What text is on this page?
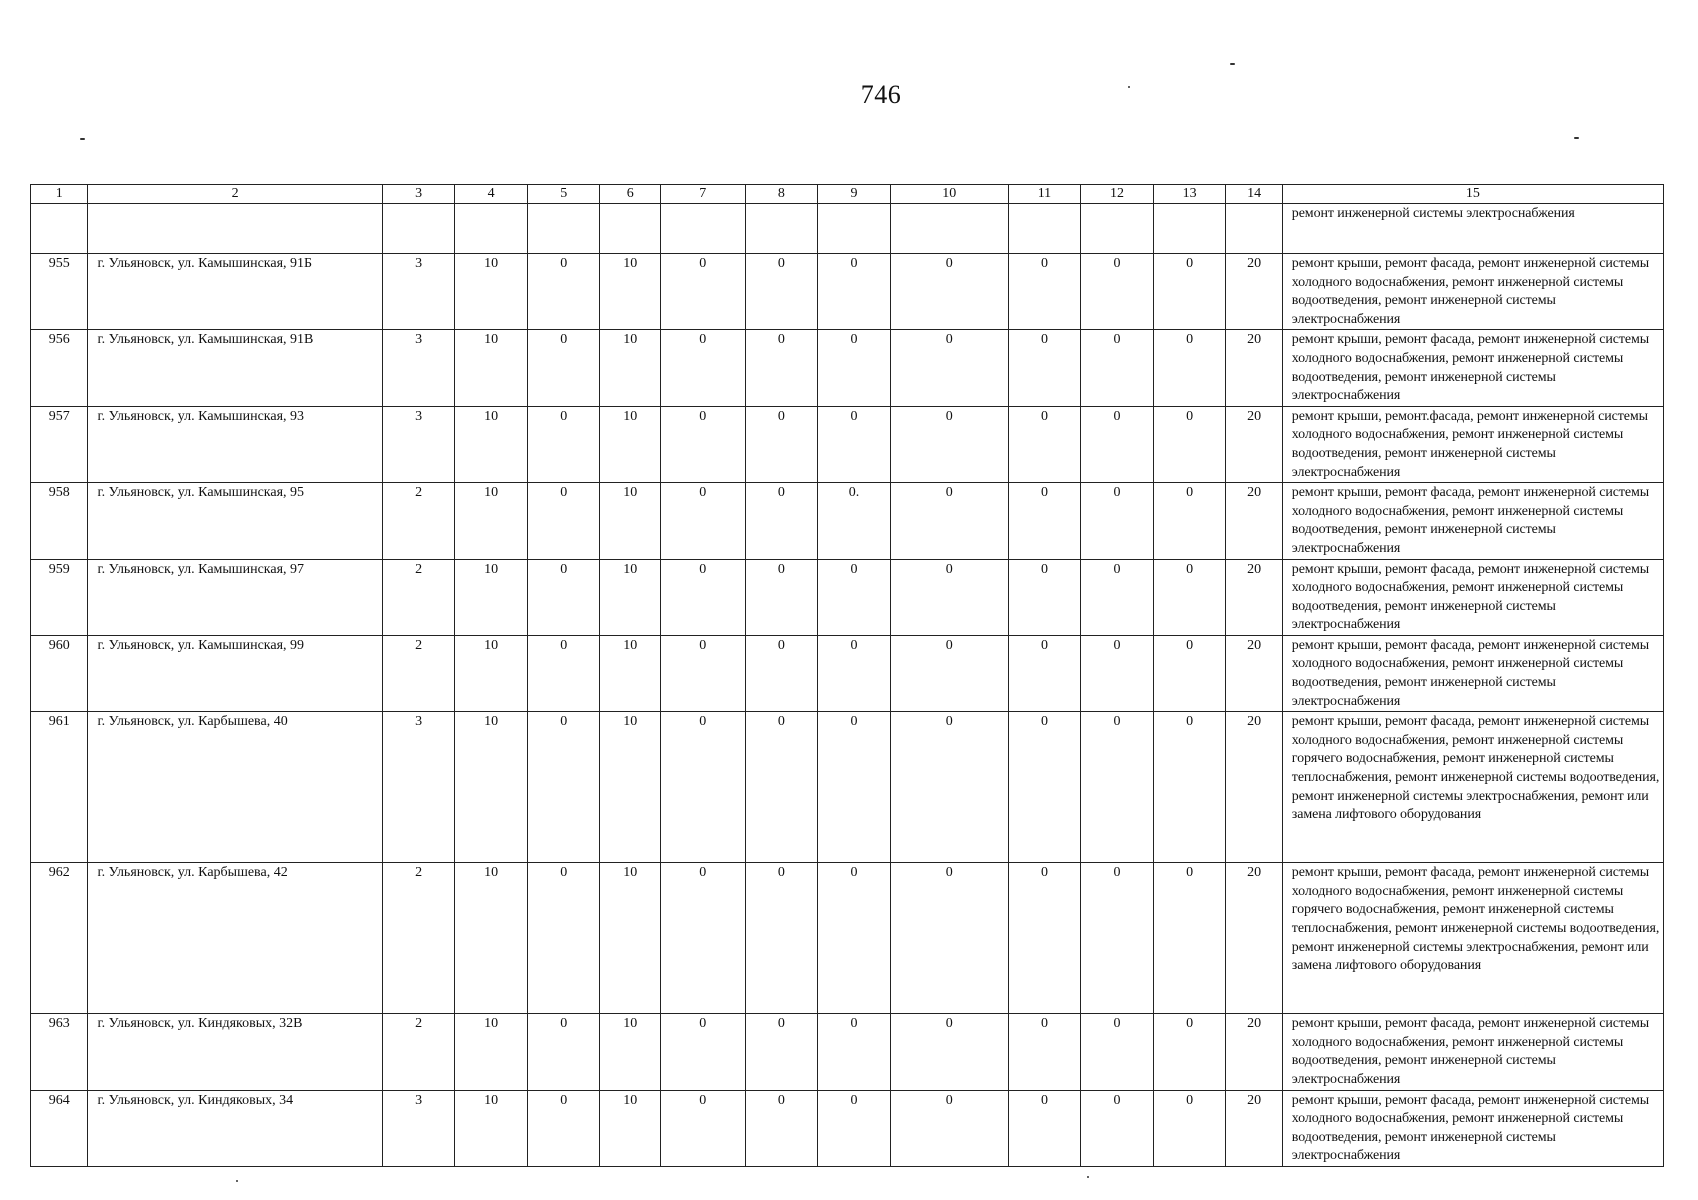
746
1	2	3	4	5	6	7	8	9	10	11	12	13	14	15
														ремонт инженерной системы электроснабжения
955	г. Ульяновск, ул. Камышинская, 91Б	3	10	0	10	0	0	0	0	0	0	0	20	ремонт крыши, ремонт фасада, ремонт инженерной системы холодного водоснабжения, ремонт инженерной системы водоотведения, ремонт инженерной системы электроснабжения
956	г. Ульяновск, ул. Камышинская, 91В	3	10	0	10	0	0	0	0	0	0	0	20	ремонт крыши, ремонт фасада, ремонт инженерной системы холодного водоснабжения, ремонт инженерной системы водоотведения, ремонт инженерной системы электроснабжения
957	г. Ульяновск, ул. Камышинская, 93	3	10	0	10	0	0	0	0	0	0	0	20	ремонт крыши, ремонт.фасада, ремонт инженерной системы холодного водоснабжения, ремонт инженерной системы водоотведения, ремонт инженерной системы электроснабжения
958	г. Ульяновск, ул. Камышинская, 95	2	10	0	10	0	0	0.	0	0	0	0	20	ремонт крыши, ремонт фасада, ремонт инженерной системы холодного водоснабжения, ремонт инженерной системы водоотведения, ремонт инженерной системы электроснабжения
959	г. Ульяновск, ул. Камышинская, 97	2	10	0	10	0	0	0	0	0	0	0	20	ремонт крыши, ремонт фасада, ремонт инженерной системы холодного водоснабжения, ремонт инженерной системы водоотведения, ремонт инженерной системы электроснабжения
960	г. Ульяновск, ул. Камышинская, 99	2	10	0	10	0	0	0	0	0	0	0	20	ремонт крыши, ремонт фасада, ремонт инженерной системы холодного водоснабжения, ремонт инженерной системы водоотведения, ремонт инженерной системы электроснабжения
961	г. Ульяновск, ул. Карбышева, 40	3	10	0	10	0	0	0	0	0	0	0	20	ремонт крыши, ремонт фасада, ремонт инженерной системы холодного водоснабжения, ремонт инженерной системы горячего водоснабжения, ремонт инженерной системы теплоснабжения, ремонт инженерной системы водоотведения, ремонт инженерной системы электроснабжения, ремонт или замена лифтового оборудования
962	г. Ульяновск, ул. Карбышева, 42	2	10	0	10	0	0	0	0	0	0	0	20	ремонт крыши, ремонт фасада, ремонт инженерной системы холодного водоснабжения, ремонт инженерной системы горячего водоснабжения, ремонт инженерной системы теплоснабжения, ремонт инженерной системы водоотведения, ремонт инженерной системы электроснабжения, ремонт или замена лифтового оборудования
963	г. Ульяновск, ул. Киндяковых, 32В	2	10	0	10	0	0	0	0	0	0	0	20	ремонт крыши, ремонт фасада, ремонт инженерной системы холодного водоснабжения, ремонт инженерной системы водоотведения, ремонт инженерной системы электроснабжения
964	г. Ульяновск, ул. Киндяковых, 34	3	10	0	10	0	0	0	0	0	0	0	20	ремонт крыши, ремонт фасада, ремонт инженерной системы холодного водоснабжения, ремонт инженерной системы водоотведения, ремонт инженерной системы электроснабжения
